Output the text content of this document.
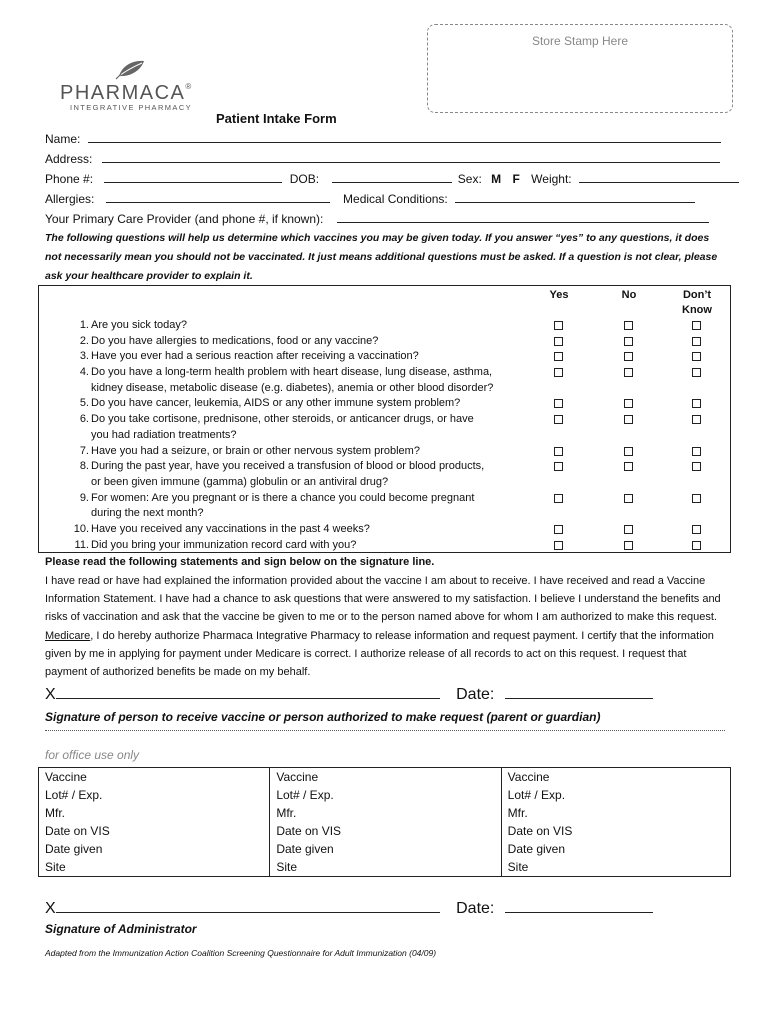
Store Stamp Here
PHARMACA®
INTEGRATIVE PHARMACY
Patient Intake Form
Name:
Address:
Phone #:	DOB:	Sex: M F Weight:
Allergies:	Medical Conditions:
Your Primary Care Provider (and phone #, if known):
The following questions will help us determine which vaccines you may be given today. If you answer “yes” to any questions, it does not necessarily mean you should not be vaccinated. It just means additional questions must be asked. If a question is not clear, please ask your healthcare provider to explain it.
Yes	No	Don’t Know
1. Are you sick today?
2. Do you have allergies to medications, food or any vaccine?
3. Have you ever had a serious reaction after receiving a vaccination?
4. Do you have a long-term health problem with heart disease, lung disease, asthma,
kidney disease, metabolic disease (e.g. diabetes), anemia or other blood disorder?
5. Do you have cancer, leukemia, AIDS or any other immune system problem?
6. Do you take cortisone, prednisone, other steroids, or anticancer drugs, or have
you had radiation treatments?
7. Have you had a seizure, or brain or other nervous system problem?
8. During the past year, have you received a transfusion of blood or blood products,
or been given immune (gamma) globulin or an antiviral drug?
9. For women: Are you pregnant or is there a chance you could become pregnant
during the next month?
10. Have you received any vaccinations in the past 4 weeks?
11. Did you bring your immunization record card with you?
Please read the following statements and sign below on the signature line.
I have read or have had explained the information provided about the vaccine I am about to receive. I have received and read a Vaccine Information Statement. I have had a chance to ask questions that were answered to my satisfaction. I believe I understand the benefits and risks of vaccination and ask that the vaccine be given to me or to the person named above for whom I am authorized to make this request. Medicare, I do hereby authorize Pharmaca Integrative Pharmacy to release information and request payment. I certify that the information given by me in applying for payment under Medicare is correct. I authorize release of all records to act on this request. I request that payment of authorized benefits be made on my behalf.
X	Date:
Signature of person to receive vaccine or person authorized to make request (parent or guardian)
for office use only
Vaccine	Vaccine	Vaccine
Lot# / Exp.	Lot# / Exp.	Lot# / Exp.
Mfr.	Mfr.	Mfr.
Date on VIS	Date on VIS	Date on VIS
Date given	Date given	Date given
Site	Site	Site
X	Date:
Signature of Administrator
Adapted from the Immunization Action Coalition Screening Questionnaire for Adult Immunization (04/09)
